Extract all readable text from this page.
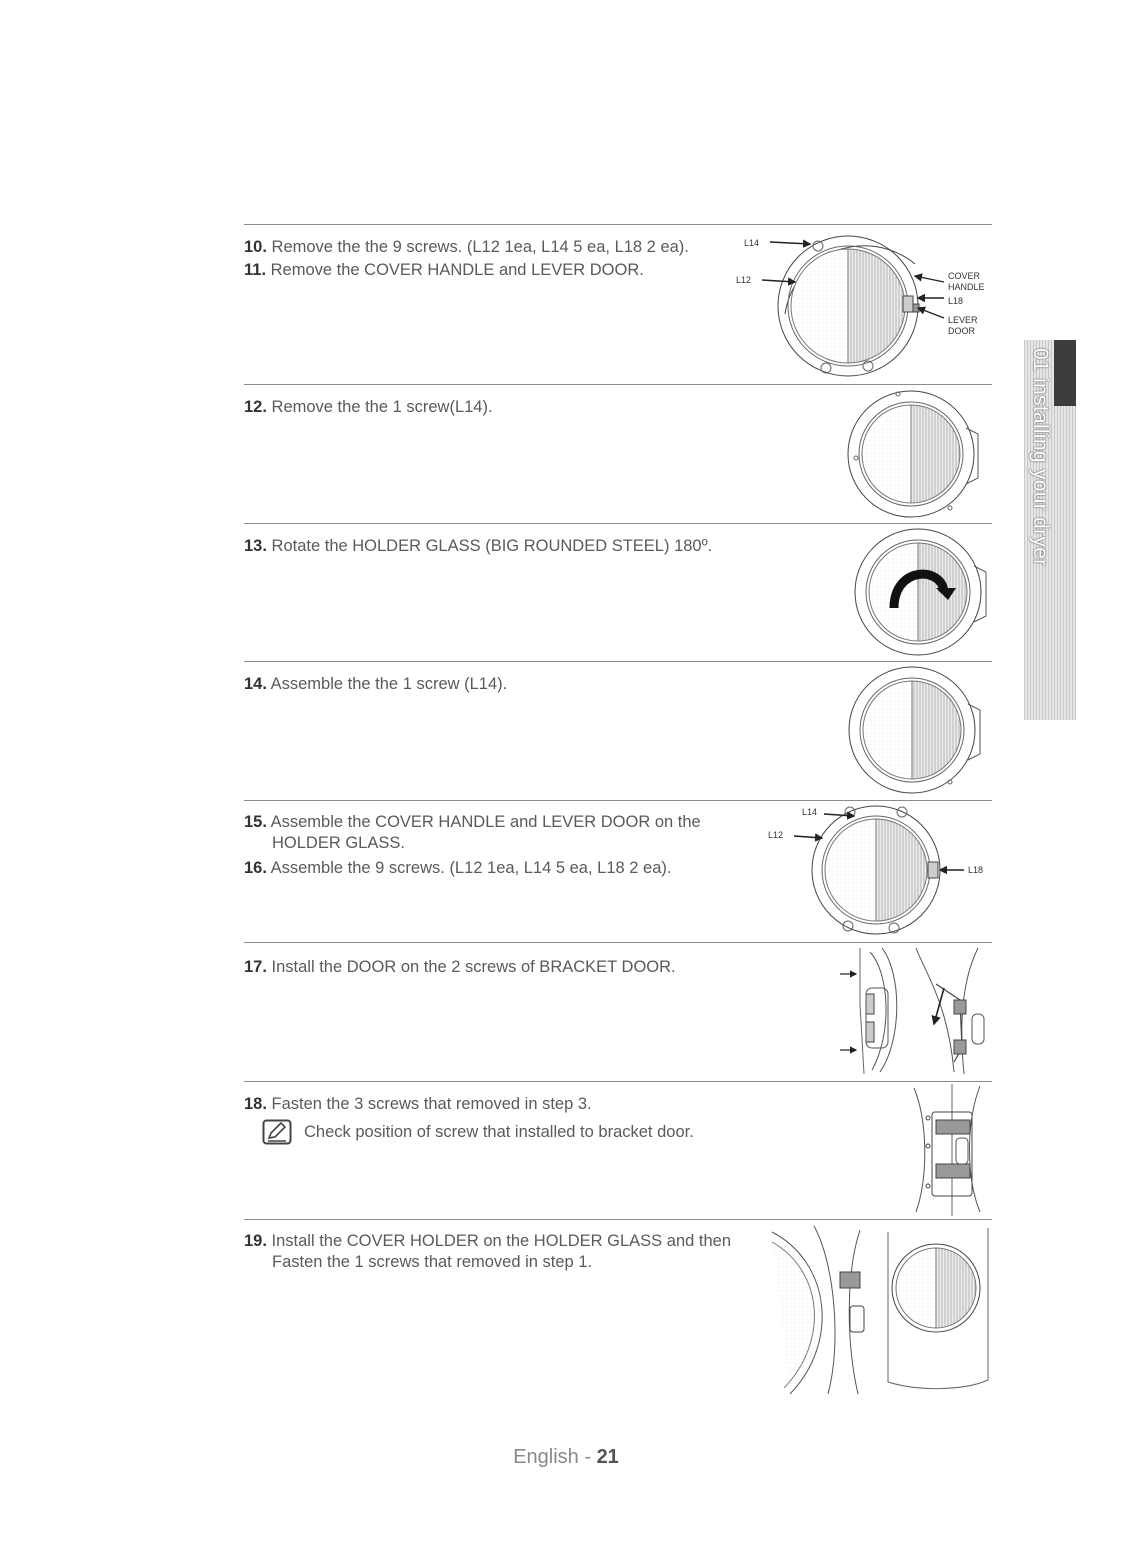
01 installing your dryer
10. Remove the the 9 screws. (L12 1ea, L14 5 ea, L18 2 ea).
11. Remove the COVER HANDLE and LEVER DOOR.
12. Remove the the 1 screw(L14).
13. Rotate the HOLDER GLASS (BIG ROUNDED STEEL) 180º.
14. Assemble the the 1 screw (L14).
15. Assemble the COVER HANDLE and LEVER DOOR on the
HOLDER GLASS.
16. Assemble the 9 screws. (L12 1ea, L14 5 ea, L18 2 ea).
17. Install the DOOR on the 2 screws of BRACKET DOOR.
18. Fasten the 3 screws that removed in step 3.
Check position of screw that installed to bracket door.
19. Install the COVER HOLDER on the HOLDER GLASS and then
Fasten the 1 screws that removed in step 1.
L14
L12	COVER
HANDLE
L18
LEVER
DOOR
L14
L12
L18
English - 21
